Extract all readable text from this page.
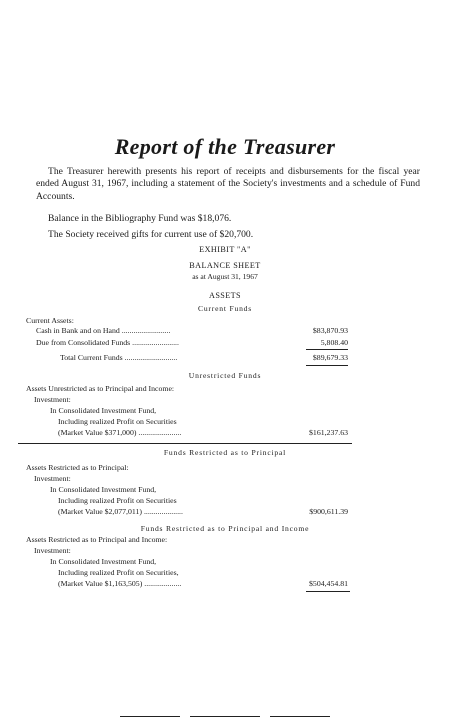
Report of the Treasurer
The Treasurer herewith presents his report of receipts and disbursements for the fiscal year ended August 31, 1967, including a statement of the Society's investments and a schedule of Fund Accounts.
Balance in the Bibliography Fund was $18,076.
The Society received gifts for current use of $20,700.
EXHIBIT "A"
BALANCE SHEET
as at August 31, 1967
ASSETS
Current Funds
Current Assets:
Cash in Bank and on Hand .........................	$83,870.93
Due from Consolidated Funds ........................	5,808.40
Total Current Funds ...........................	$89,679.33
Unrestricted Funds
Assets Unrestricted as to Principal and Income:
Investment:
In Consolidated Investment Fund,
Including realized Profit on Securities
(Market Value $371,000) ......................	$161,237.63
Funds Restricted as to Principal
Assets Restricted as to Principal:
Investment:
In Consolidated Investment Fund,
Including realized Profit on Securities
(Market Value $2,077,011) ....................	$900,611.39
Funds Restricted as to Principal and Income
Assets Restricted as to Principal and Income:
Investment:
In Consolidated Investment Fund,
Including realized Profit on Securities,
(Market Value $1,163,505) ...................	$504,454.81
